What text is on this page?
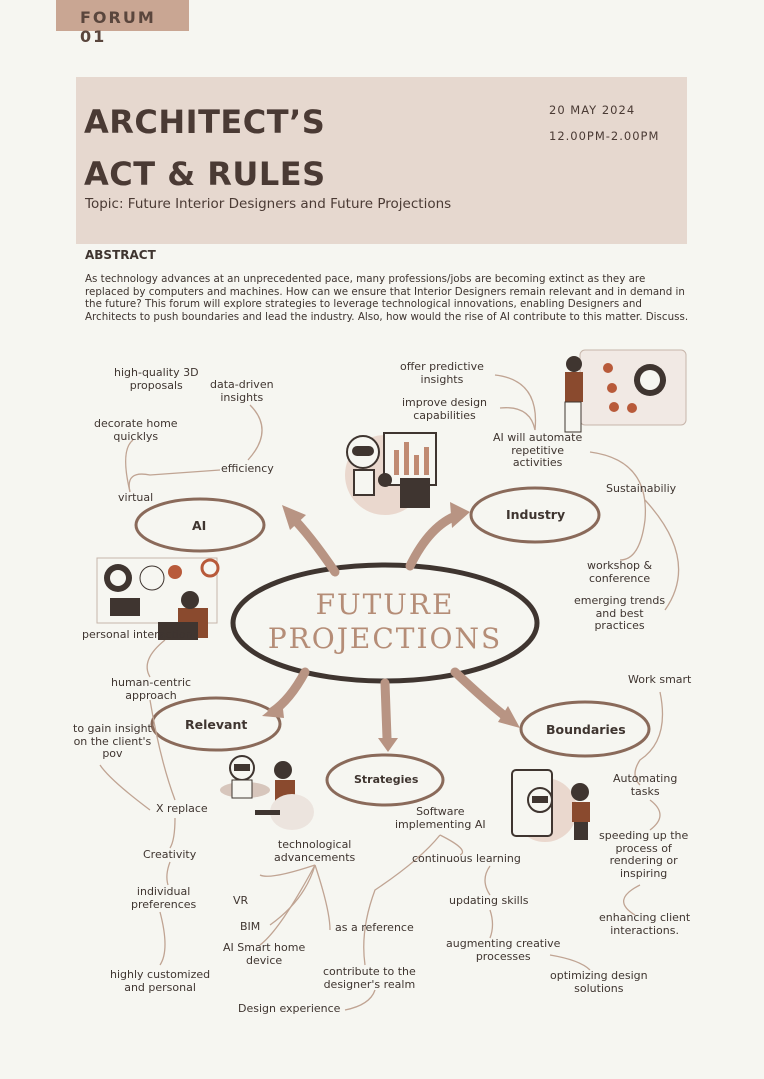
FORUM 01
ARCHITECT’S
ACT & RULES
Topic: Future Interior Designers and Future Projections
20 MAY 2024
12.00PM-2.00PM
ABSTRACT
As technology advances at an unprecedented pace, many professions/jobs are becoming extinct as they are replaced by computers and machines. How can we ensure that Interior Designers remain relevant and in demand in the future? This forum will explore strategies to leverage technological innovations, enabling Designers and Architects to push boundaries and lead the industry. Also, how would the rise of AI contribute to this matter. Discuss.
FUTURE
PROJECTIONS
AI
Industry
Relevant
Strategies
Boundaries
high-quality 3D
proposals	data-driven
insights
decorate home
quicklys
efficiency
virtual
personal interaction
offer predictive
insights
improve design
capabilities
AI will automate
repetitive
activities
Sustainabiliy
workshop &
conference
emerging trends
and best
practices
human-centric
approach
to gain insight
on the client's
pov
X replace
Creativity
individual
preferences
highly customized
and personal
technological
advancements
VR
BIM
AI Smart home
device
as a reference
contribute to the
designer's realm
Design experience
Software
implementing AI
continuous learning
updating skills
augmenting creative
processes
optimizing design
solutions
Work smart
Automating
tasks
speeding up the
process of
rendering or
inspiring
enhancing client
interactions.
